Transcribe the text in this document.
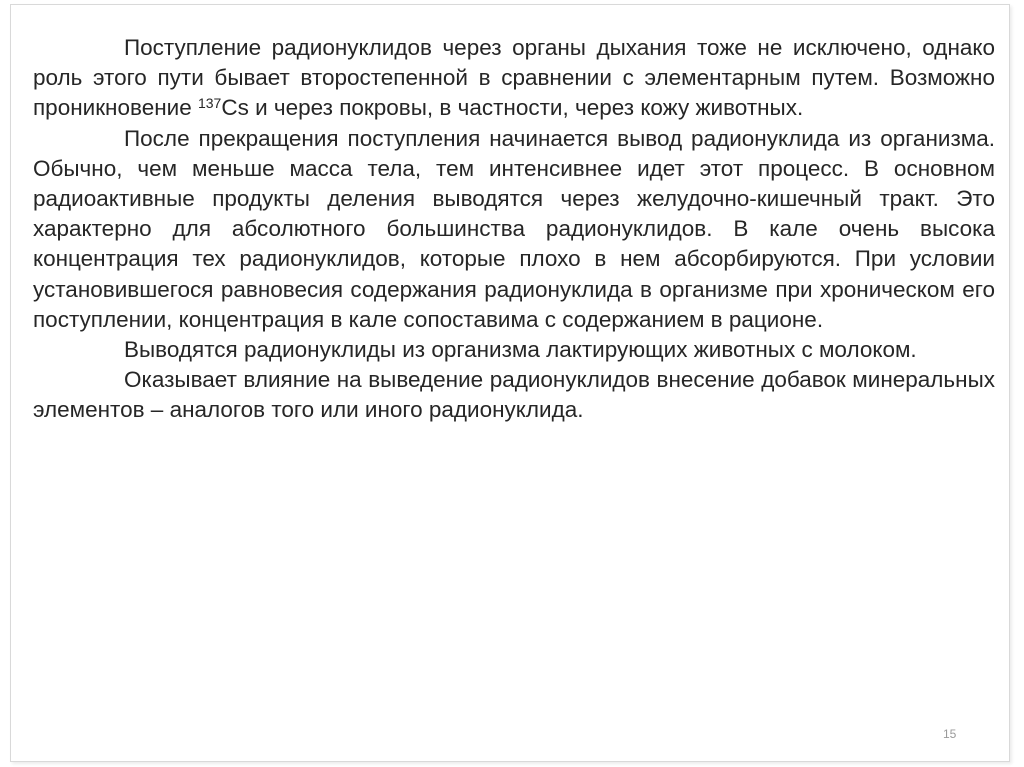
Поступление радионуклидов через органы дыхания тоже не исключено, однако роль этого пути бывает второстепенной в сравнении с элементарным путем. Возможно проникновение $^{137}$Cs и через покровы, в частности, через кожу животных.

После прекращения поступления начинается вывод радионуклида из организма. Обычно, чем меньше масса тела, тем интенсивнее идет этот процесс. В основном радиоактивные продукты деления выводятся через желудочно-кишечный тракт. Это характерно для абсолютного большинства радионуклидов. В кале очень высока концентрация тех радионуклидов, которые плохо в нем абсорбируются. При условии установившегося равновесия содержания радионуклида в организме при хроническом его поступлении, концентрация в кале сопоставима с содержанием в рационе.

Выводятся радионуклиды из организма лактирующих животных с молоком.

Оказывает влияние на выведение радионуклидов внесение добавок минеральных элементов – аналогов того или иного радионуклида.

15
